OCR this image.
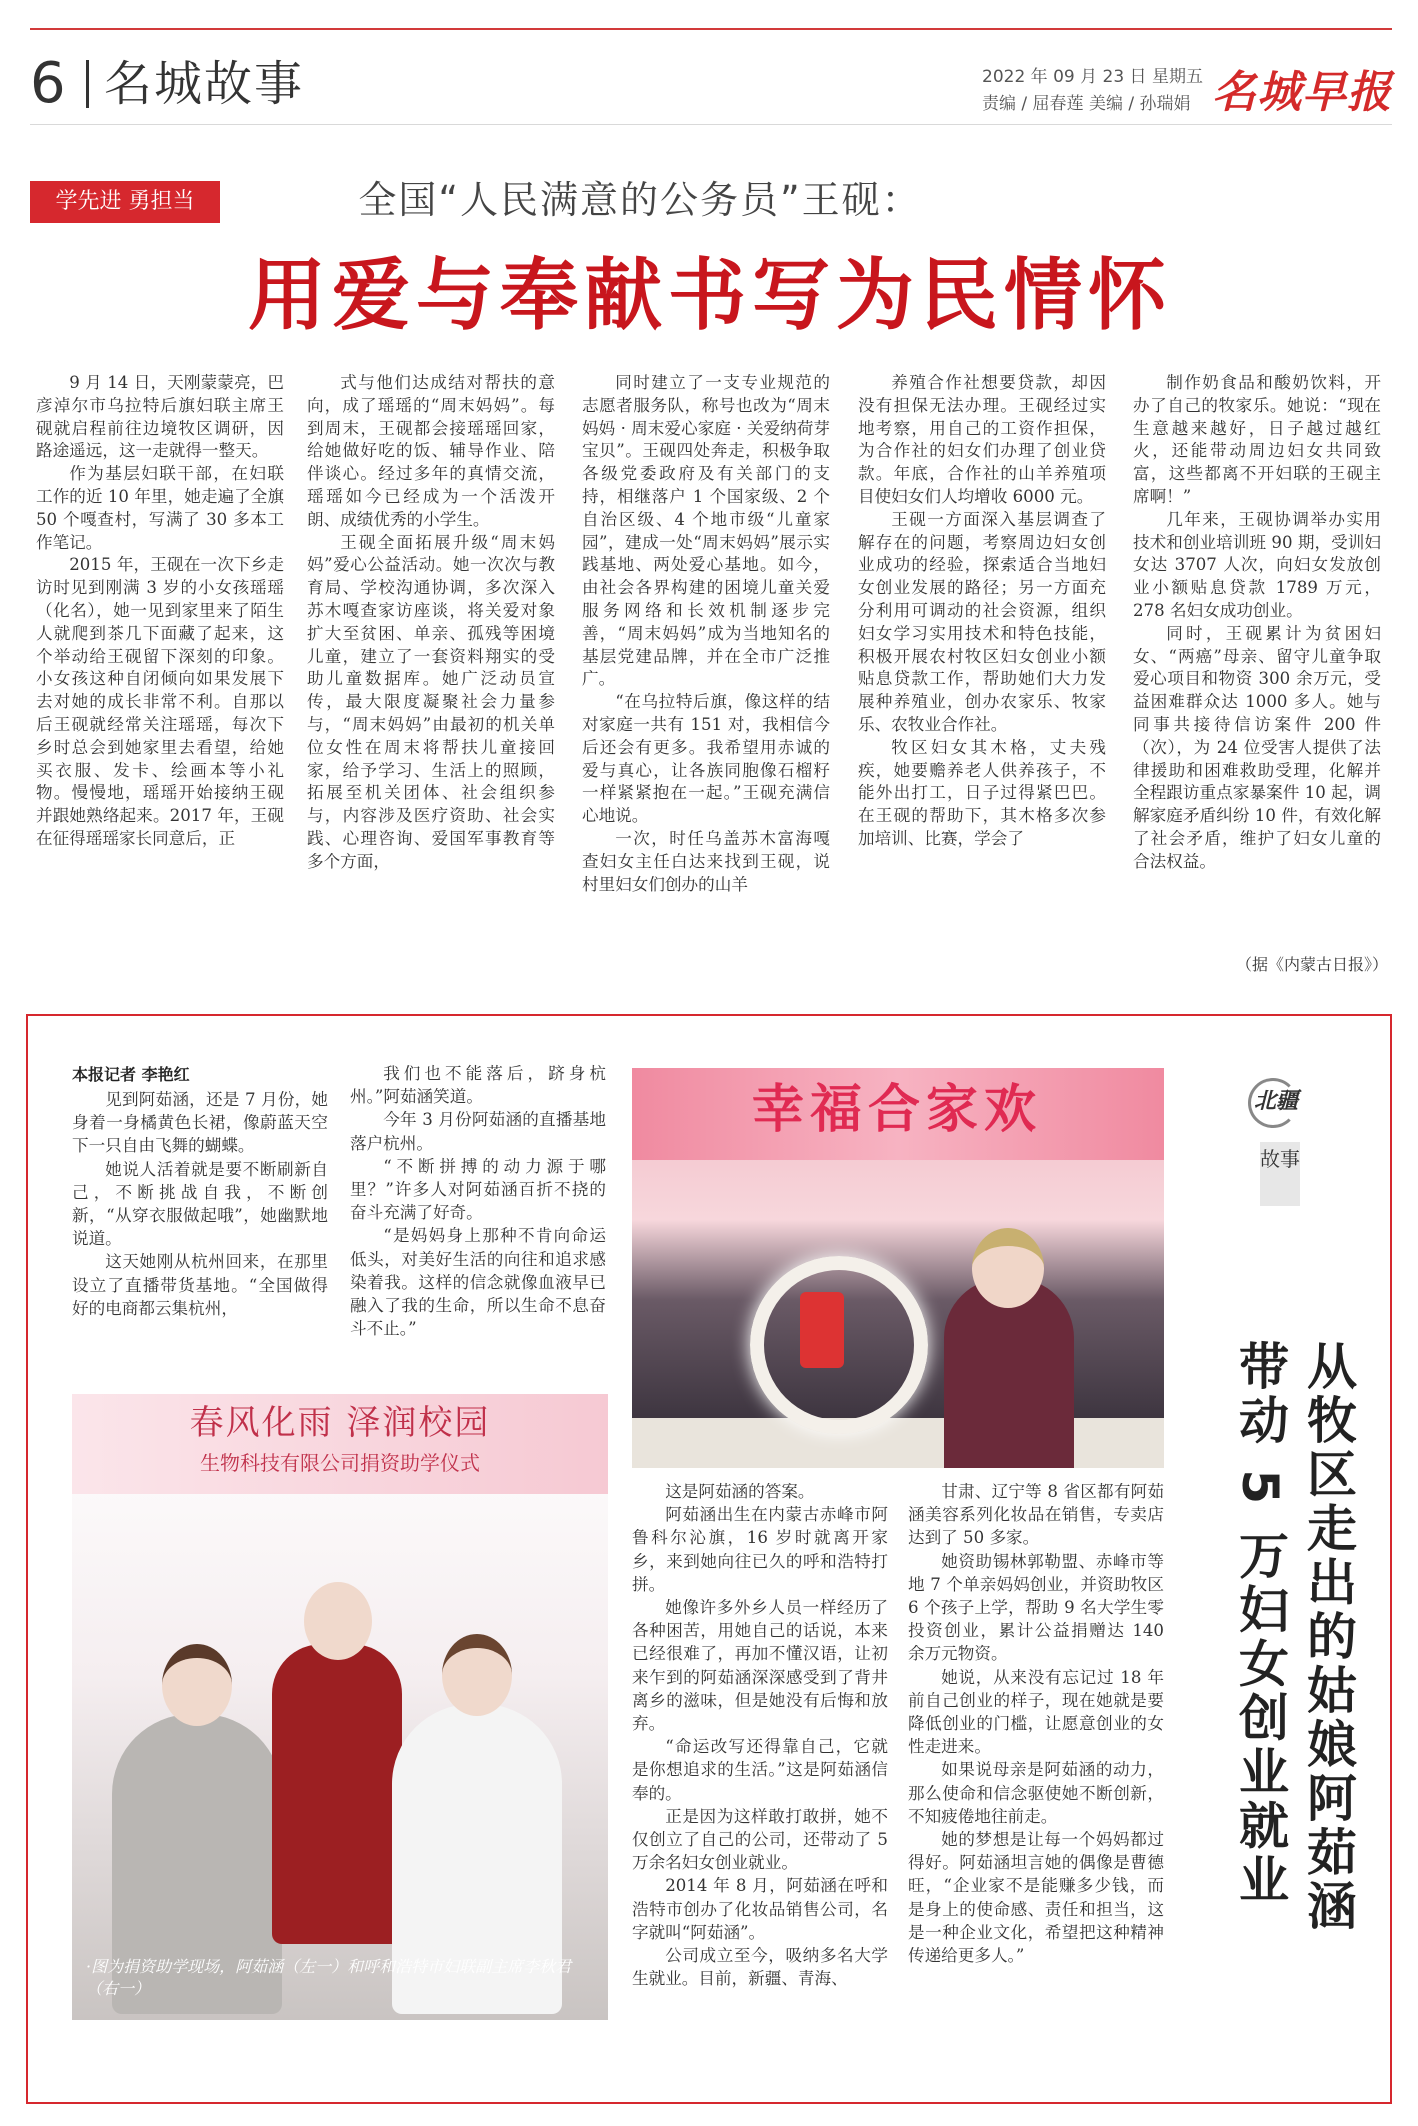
6 名城故事	2022 年 09 月 23 日 星期五
责编 / 屈春莲 美编 / 孙瑞娟 名城早报
学先进 勇担当	全国“人民满意的公务员”王砚：
用爱与奉献书写为民情怀

9 月 14 日，天刚蒙蒙亮，巴彦淖尔市乌拉特后旗妇联主席王砚就启程前往边境牧区调研，因路途遥远，这一走就得一整天。

作为基层妇联干部，在妇联工作的近 10 年里，她走遍了全旗 50 个嘎查村，写满了 30 多本工作笔记。

2015 年，王砚在一次下乡走访时见到刚满 3 岁的小女孩瑶瑶（化名），她一见到家里来了陌生人就爬到茶几下面藏了起来，这个举动给王砚留下深刻的印象。小女孩这种自闭倾向如果发展下去对她的成长非常不利。自那以后王砚就经常关注瑶瑶，每次下乡时总会到她家里去看望，给她买衣服、发卡、绘画本等小礼物。慢慢地，瑶瑶开始接纳王砚并跟她熟络起来。2017 年，王砚在征得瑶瑶家长同意后，正

式与他们达成结对帮扶的意向，成了瑶瑶的“周末妈妈”。每到周末，王砚都会接瑶瑶回家，给她做好吃的饭、辅导作业、陪伴谈心。经过多年的真情交流，瑶瑶如今已经成为一个活泼开朗、成绩优秀的小学生。

王砚全面拓展升级“周末妈妈”爱心公益活动。她一次次与教育局、学校沟通协调，多次深入苏木嘎查家访座谈，将关爱对象扩大至贫困、单亲、孤残等困境儿童，建立了一套资料翔实的受助儿童数据库。她广泛动员宣传，最大限度凝聚社会力量参与，“周末妈妈”由最初的机关单位女性在周末将帮扶儿童接回家，给予学习、生活上的照顾，拓展至机关团体、社会组织参与，内容涉及医疗资助、社会实践、心理咨询、爱国军事教育等多个方面，

同时建立了一支专业规范的志愿者服务队，称号也改为“周末妈妈 · 周末爱心家庭 · 关爱纳荷芽宝贝”。王砚四处奔走，积极争取各级党委政府及有关部门的支持，相继落户 1 个国家级、2 个自治区级、4 个地市级“儿童家园”，建成一处“周末妈妈”展示实践基地、两处爱心基地。如今，由社会各界构建的困境儿童关爱服务网络和长效机制逐步完善，“周末妈妈”成为当地知名的基层党建品牌，并在全市广泛推广。

“在乌拉特后旗，像这样的结对家庭一共有 151 对，我相信今后还会有更多。我希望用赤诚的爱与真心，让各族同胞像石榴籽一样紧紧抱在一起。”王砚充满信心地说。

一次，时任乌盖苏木富海嘎查妇女主任白达来找到王砚，说村里妇女们创办的山羊

养殖合作社想要贷款，却因没有担保无法办理。王砚经过实地考察，用自己的工资作担保，为合作社的妇女们办理了创业贷款。年底，合作社的山羊养殖项目使妇女们人均增收 6000 元。

王砚一方面深入基层调查了解存在的问题，考察周边妇女创业成功的经验，探索适合当地妇女创业发展的路径；另一方面充分利用可调动的社会资源，组织妇女学习实用技术和特色技能，积极开展农村牧区妇女创业小额贴息贷款工作，帮助她们大力发展种养殖业，创办农家乐、牧家乐、农牧业合作社。

牧区妇女其木格，丈夫残疾，她要赡养老人供养孩子，不能外出打工，日子过得紧巴巴。在王砚的帮助下，其木格多次参加培训、比赛，学会了

制作奶食品和酸奶饮料，开办了自己的牧家乐。她说：“现在生意越来越好，日子越过越红火，还能带动周边妇女共同致富，这些都离不开妇联的王砚主席啊！”

几年来，王砚协调举办实用技术和创业培训班 90 期，受训妇女达 3707 人次，向妇女发放创业小额贴息贷款 1789 万元，278 名妇女成功创业。

同时，王砚累计为贫困妇女、“两癌”母亲、留守儿童争取爱心项目和物资 300 余万元，受益困难群众达 1000 多人。她与同事共接待信访案件 200 件（次），为 24 位受害人提供了法律援助和困难救助受理，化解并全程跟访重点家暴案件 10 起，调解家庭矛盾纠纷 10 件，有效化解了社会矛盾，维护了妇女儿童的合法权益。

（据《内蒙古日报》）
本报记者 李艳红

见到阿茹涵，还是 7 月份，她身着一身橘黄色长裙，像蔚蓝天空下一只自由飞舞的蝴蝶。

她说人活着就是要不断刷新自己，不断挑战自我，不断创新，“从穿衣服做起哦”，她幽默地说道。

这天她刚从杭州回来，在那里设立了直播带货基地。“全国做得好的电商都云集杭州，

我们也不能落后，跻身杭州。”阿茹涵笑道。

今年 3 月份阿茹涵的直播基地落户杭州。

“不断拼搏的动力源于哪里？”许多人对阿茹涵百折不挠的奋斗充满了好奇。

“是妈妈身上那种不肯向命运低头，对美好生活的向往和追求感染着我。这样的信念就像血液早已融入了我的生命，所以生命不息奋斗不止。”

幸福合家欢
春风化雨 泽润校园
生物科技有限公司捐资助学仪式
·图为捐资助学现场，阿茹涵（左一）和呼和浩特市妇联副主席李秋君（右一）

这是阿茹涵的答案。

阿茹涵出生在内蒙古赤峰市阿鲁科尔沁旗，16 岁时就离开家乡，来到她向往已久的呼和浩特打拼。

她像许多外乡人员一样经历了各种困苦，用她自己的话说，本来已经很难了，再加不懂汉语，让初来乍到的阿茹涵深深感受到了背井离乡的滋味，但是她没有后悔和放弃。

“命运改写还得靠自己，它就是你想追求的生活。”这是阿茹涵信奉的。

正是因为这样敢打敢拼，她不仅创立了自己的公司，还带动了 5 万余名妇女创业就业。

2014 年 8 月，阿茹涵在呼和浩特市创办了化妆品销售公司，名字就叫“阿茹涵”。

公司成立至今，吸纳多名大学生就业。目前，新疆、青海、

甘肃、辽宁等 8 省区都有阿茹涵美容系列化妆品在销售，专卖店达到了 50 多家。

她资助锡林郭勒盟、赤峰市等地 7 个单亲妈妈创业，并资助牧区 6 个孩子上学，帮助 9 名大学生零投资创业，累计公益捐赠达 140 余万元物资。

她说，从来没有忘记过 18 年前自己创业的样子，现在她就是要降低创业的门槛，让愿意创业的女性走进来。

如果说母亲是阿茹涵的动力，那么使命和信念驱使她不断创新，不知疲倦地往前走。

她的梦想是让每一个妈妈都过得好。阿茹涵坦言她的偶像是曹德旺，“企业家不是能赚多少钱，而是身上的使命感、责任和担当，这是一种企业文化，希望把这种精神传递给更多人。”

北疆
故事
从牧区走出的姑娘阿茹涵
带动 5 万妇女创业就业
